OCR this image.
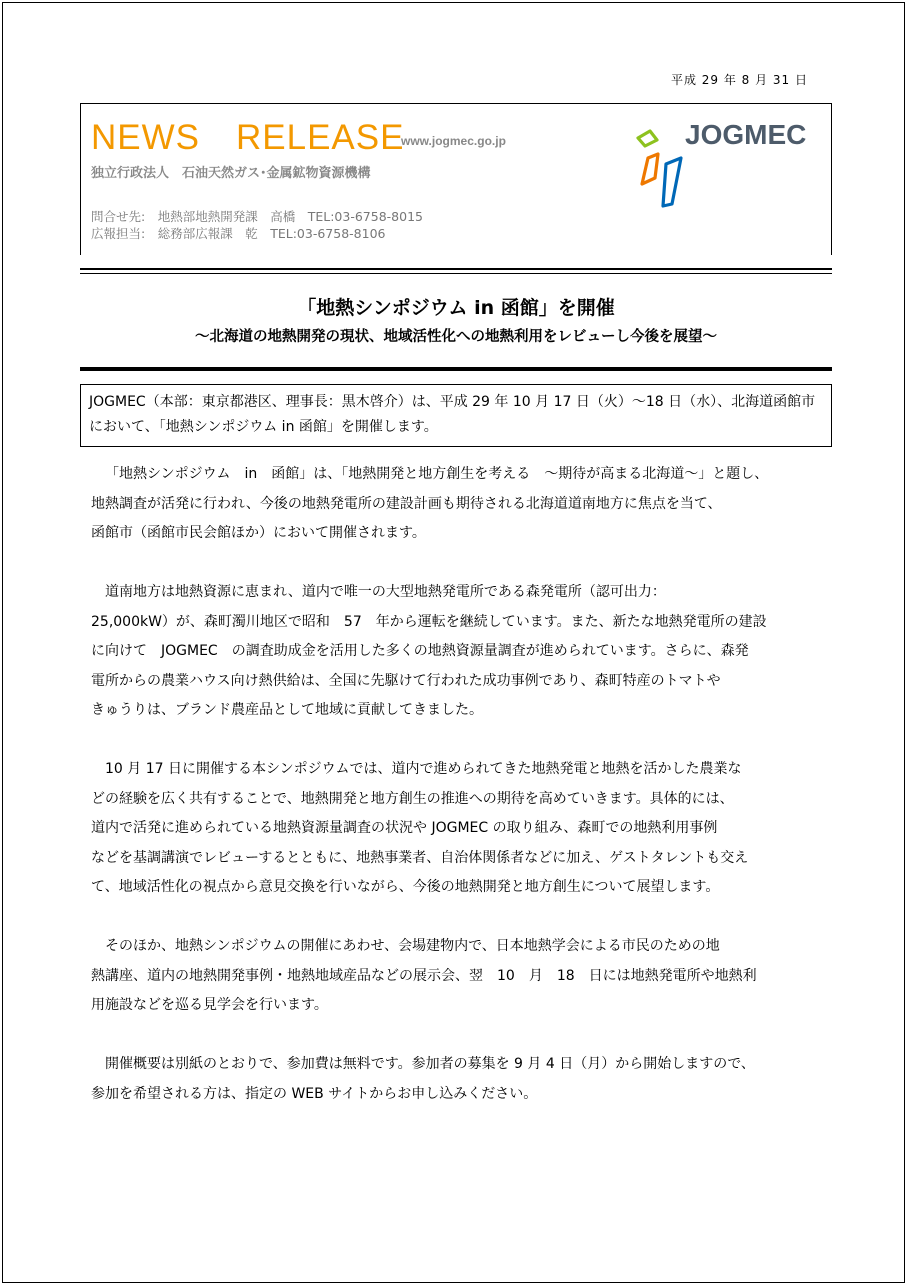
平成 29 年 8 月 31 日
NEWS　RELEASE
www.jogmec.go.jp
独立行政法人　石油天然ガス･金属鉱物資源機構
問合せ先:　地熱部地熱開発課　高橋　TEL:03-6758-8015
広報担当:　総務部広報課　乾　TEL:03-6758-8106
JOGMEC
「地熱シンポジウム in 函館」を開催
～北海道の地熱開発の現状、地域活性化への地熱利用をレビューし今後を展望～
JOGMEC（本部：東京都港区、理事長：黒木啓介）は、平成 29 年 10 月 17 日（火）～18 日（水）、北海道函館市
において、「地熱シンポジウム in 函館」を開催します。
「地熱シンポジウム　in　函館」は、「地熱開発と地方創生を考える　～期待が高まる北海道～」と題し、
地熱調査が活発に行われ、今後の地熱発電所の建設計画も期待される北海道道南地方に焦点を当て、
函館市（函館市民会館ほか）において開催されます。
道南地方は地熱資源に恵まれ、道内で唯一の大型地熱発電所である森発電所（認可出力：
25,000kW）が、森町濁川地区で昭和　57　年から運転を継続しています。また、新たな地熱発電所の建設
に向けて　JOGMEC　の調査助成金を活用した多くの地熱資源量調査が進められています。さらに、森発
電所からの農業ハウス向け熱供給は、全国に先駆けて行われた成功事例であり、森町特産のトマトや
きゅうりは、ブランド農産品として地域に貢献してきました。
10 月 17 日に開催する本シンポジウムでは、道内で進められてきた地熱発電と地熱を活かした農業な
どの経験を広く共有することで、地熱開発と地方創生の推進への期待を高めていきます。具体的には、
道内で活発に進められている地熱資源量調査の状況や JOGMEC の取り組み、森町での地熱利用事例
などを基調講演でレビューするとともに、地熱事業者、自治体関係者などに加え、ゲストタレントも交え
て、地域活性化の視点から意見交換を行いながら、今後の地熱開発と地方創生について展望します。
そのほか、地熱シンポジウムの開催にあわせ、会場建物内で、日本地熱学会による市民のための地
熱講座、道内の地熱開発事例・地熱地域産品などの展示会、翌　10　月　18　日には地熱発電所や地熱利
用施設などを巡る見学会を行います。
開催概要は別紙のとおりで、参加費は無料です。参加者の募集を 9 月 4 日（月）から開始しますので、
参加を希望される方は、指定の WEB サイトからお申し込みください。
